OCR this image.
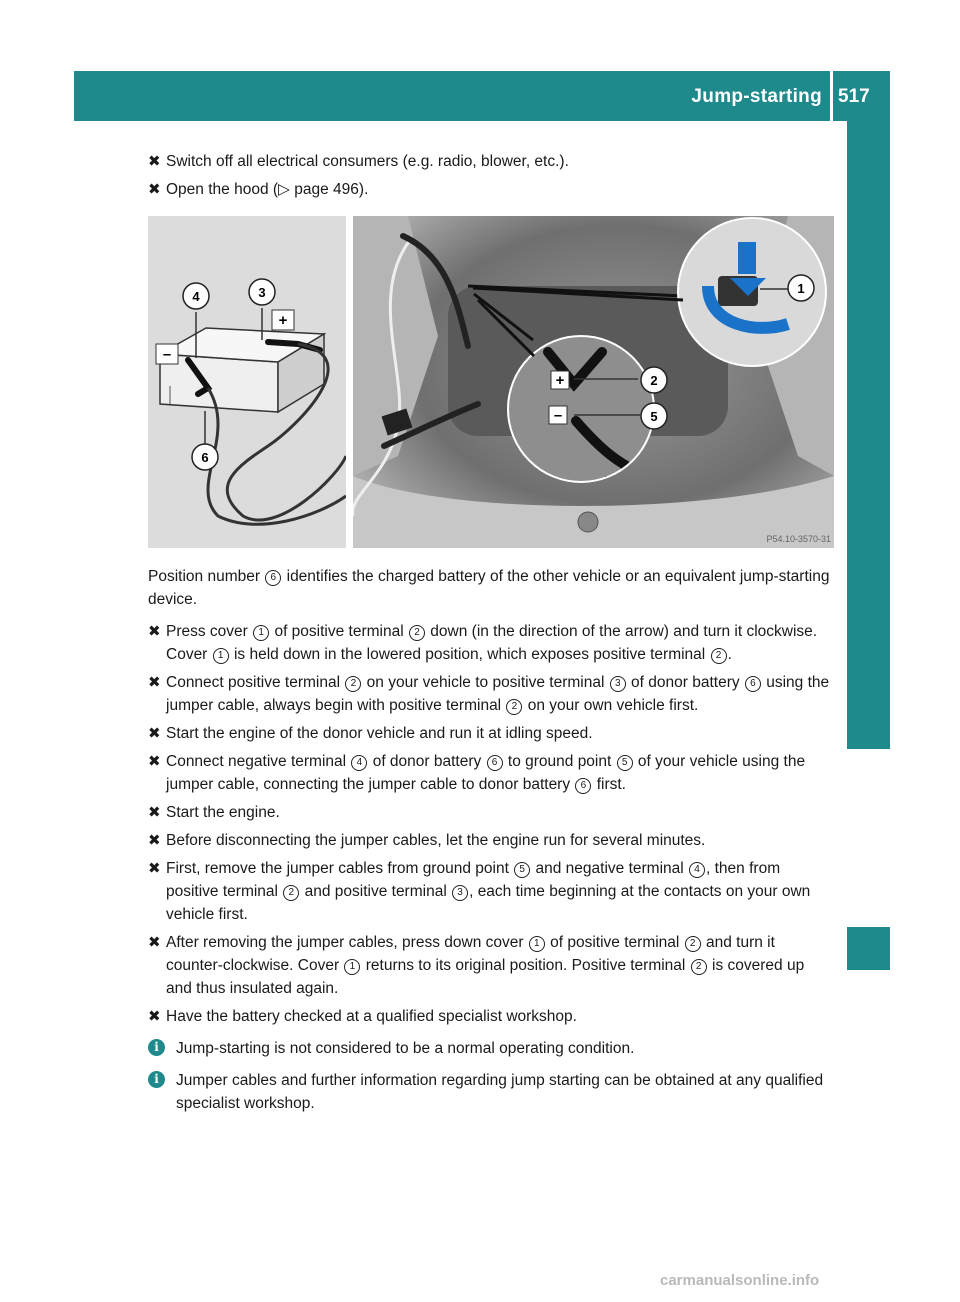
Jump-starting 517
Roadside Assistance
✖ Switch off all electrical consumers (e.g. radio, blower, etc.).
✖ Open the hood (▷ page 496).
+
–
+
–
4	3
6
1
2
5
P54.10-3570-31
Position number 6 identifies the charged battery of the other vehicle or an equivalent jump-starting device.
✖ Press cover 1 of positive terminal 2 down (in the direction of the arrow) and turn it clockwise. Cover 1 is held down in the lowered position, which exposes positive terminal 2 .
✖ Connect positive terminal 2 on your vehicle to positive terminal 3 of donor battery 6 using the jumper cable, always begin with positive terminal 2 on your own vehicle first.
✖ Start the engine of the donor vehicle and run it at idling speed.
✖ Connect negative terminal 4 of donor battery 6 to ground point 5 of your vehicle using the jumper cable, connecting the jumper cable to donor battery 6 first.
✖ Start the engine.
✖ Before disconnecting the jumper cables, let the engine run for several minutes.
✖ First, remove the jumper cables from ground point 5 and negative terminal 4 , then from positive terminal 2 and positive terminal 3 , each time beginning at the contacts on your own vehicle first.
✖ After removing the jumper cables, press down cover 1 of positive terminal 2 and turn it counter-clockwise. Cover 1 returns to its original position. Positive terminal 2 is covered up and thus insulated again.
✖ Have the battery checked at a qualified specialist workshop.
i	Jump-starting is not considered to be a normal operating condition.
i	Jumper cables and further information regarding jump starting can be obtained at any qualified specialist workshop.
carmanualsonline.info
